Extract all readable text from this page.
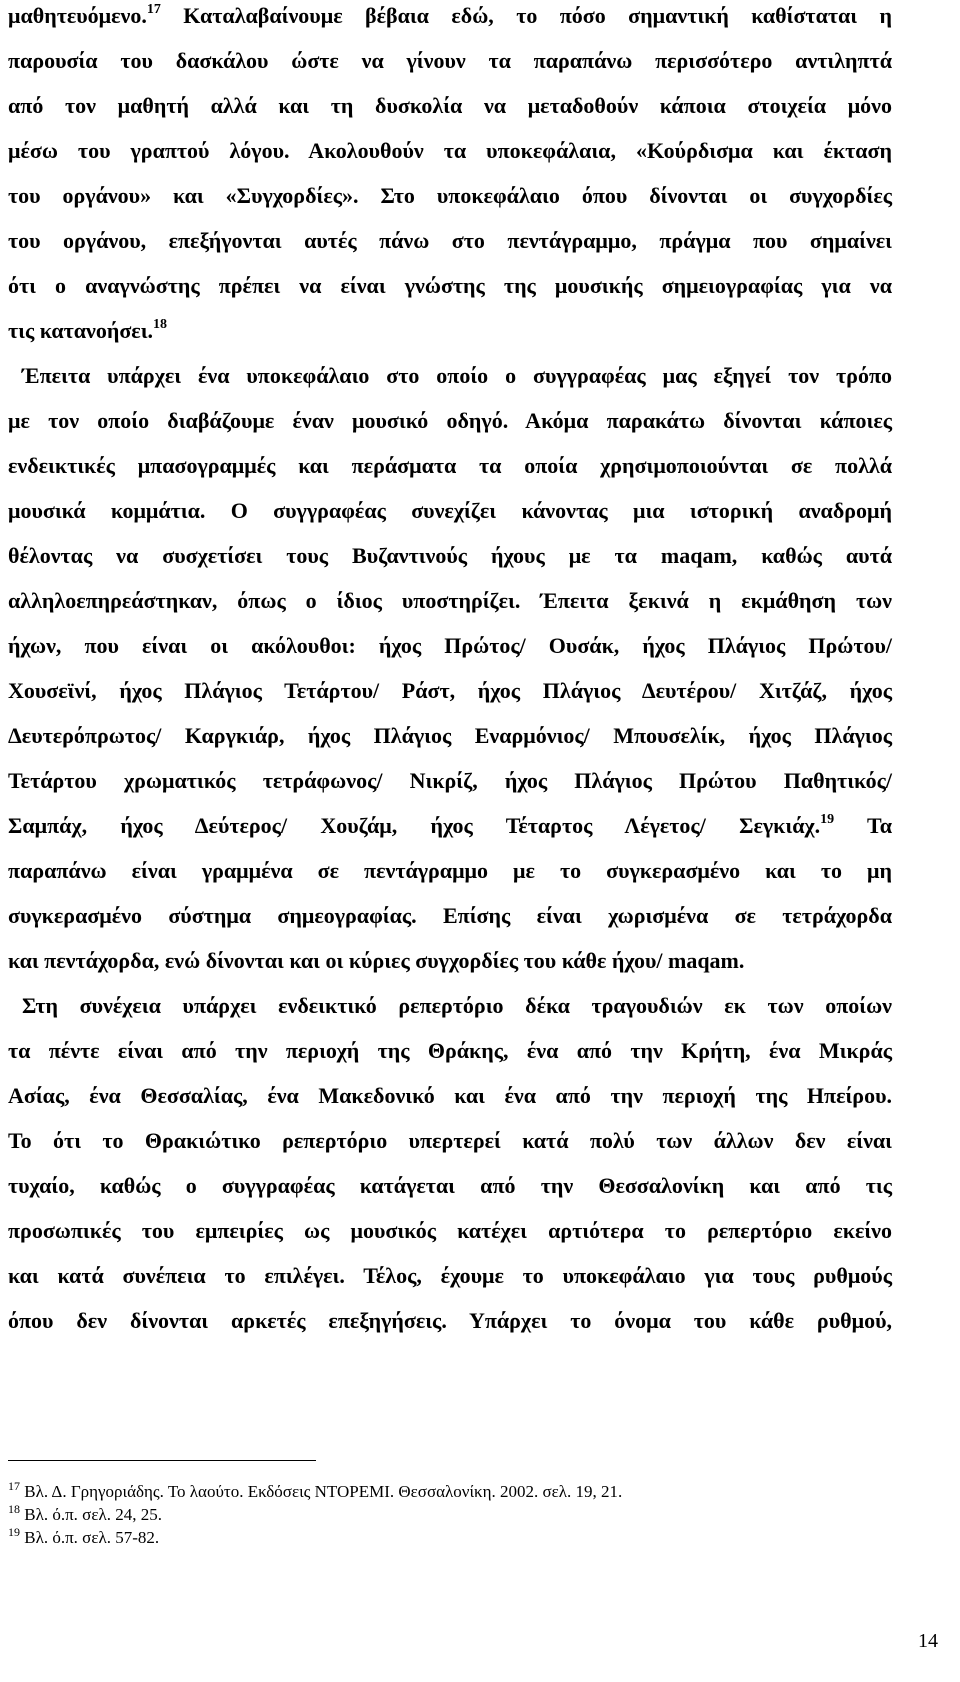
μαθητευόμενο.$^{17}$ Καταλαβαίνουμε βέβαια εδώ, το πόσο σημαντική καθίσταται η
παρουσία του δασκάλου ώστε να γίνουν τα παραπάνω περισσότερο αντιληπτά
από τον μαθητή αλλά και τη δυσκολία να μεταδοθούν κάποια στοιχεία μόνο
μέσω του γραπτού λόγου. Ακολουθούν τα υποκεφάλαια, «Κούρδισμα και έκταση
του οργάνου» και «Συγχορδίες». Στο υποκεφάλαιο όπου δίνονται οι συγχορδίες
του οργάνου, επεξήγονται αυτές πάνω στο πεντάγραμμο, πράγμα που σημαίνει
ότι ο αναγνώστης πρέπει να είναι γνώστης της μουσικής σημειογραφίας για να
τις κατανοήσει.$^{18}$
Έπειτα υπάρχει ένα υποκεφάλαιο στο οποίο ο συγγραφέας μας εξηγεί τον τρόπο
με τον οποίο διαβάζουμε έναν μουσικό οδηγό. Ακόμα παρακάτω δίνονται κάποιες
ενδεικτικές μπασογραμμές και περάσματα τα οποία χρησιμοποιούνται σε πολλά
μουσικά κομμάτια. Ο συγγραφέας συνεχίζει κάνοντας μια ιστορική αναδρομή
θέλοντας να συσχετίσει τους Βυζαντινούς ήχους με τα maqam, καθώς αυτά
αλληλοεπηρεάστηκαν, όπως ο ίδιος υποστηρίζει. Έπειτα ξεκινά η εκμάθηση των
ήχων, που είναι οι ακόλουθοι: ήχος Πρώτος/ Ουσάκ, ήχος Πλάγιος Πρώτου/
Χουσεϊνί, ήχος Πλάγιος Τετάρτου/ Ράστ, ήχος Πλάγιος Δευτέρου/ Χιτζάζ, ήχος
Δευτερόπρωτος/ Καργκιάρ, ήχος Πλάγιος Εναρμόνιος/ Μπουσελίκ, ήχος Πλάγιος
Τετάρτου χρωματικός τετράφωνος/ Νικρίζ, ήχος Πλάγιος Πρώτου Παθητικός/
Σαμπάχ, ήχος Δεύτερος/ Χουζάμ, ήχος Τέταρτος Λέγετος/ Σεγκιάχ.$^{19}$ Τα
παραπάνω είναι γραμμένα σε πεντάγραμμο με το συγκερασμένο και το μη
συγκερασμένο σύστημα σημεογραφίας. Επίσης είναι χωρισμένα σε τετράχορδα
και πεντάχορδα, ενώ δίνονται και οι κύριες συγχορδίες του κάθε ήχου/ maqam.
Στη συνέχεια υπάρχει ενδεικτικό ρεπερτόριο δέκα τραγουδιών εκ των οποίων
τα πέντε είναι από την περιοχή της Θράκης, ένα από την Κρήτη, ένα Μικράς
Ασίας, ένα Θεσσαλίας, ένα Μακεδονικό και ένα από την περιοχή της Ηπείρου.
Το ότι το Θρακιώτικο ρεπερτόριο υπερτερεί κατά πολύ των άλλων δεν είναι
τυχαίο, καθώς ο συγγραφέας κατάγεται από την Θεσσαλονίκη και από τις
προσωπικές του εμπειρίες ως μουσικός κατέχει αρτιότερα το ρεπερτόριο εκείνο
και κατά συνέπεια το επιλέγει. Τέλος, έχουμε το υποκεφάλαιο για τους ρυθμούς
όπου δεν δίνονται αρκετές επεξηγήσεις. Υπάρχει το όνομα του κάθε ρυθμού,
$^{17}$ Βλ. Δ. Γρηγοριάδης. Το λαούτο. Εκδόσεις ΝΤΟΡΕΜΙ. Θεσσαλονίκη. 2002. σελ. 19, 21.
$^{18}$ Βλ. ό.π. σελ. 24, 25.
$^{19}$ Βλ. ό.π. σελ. 57-82.
14
